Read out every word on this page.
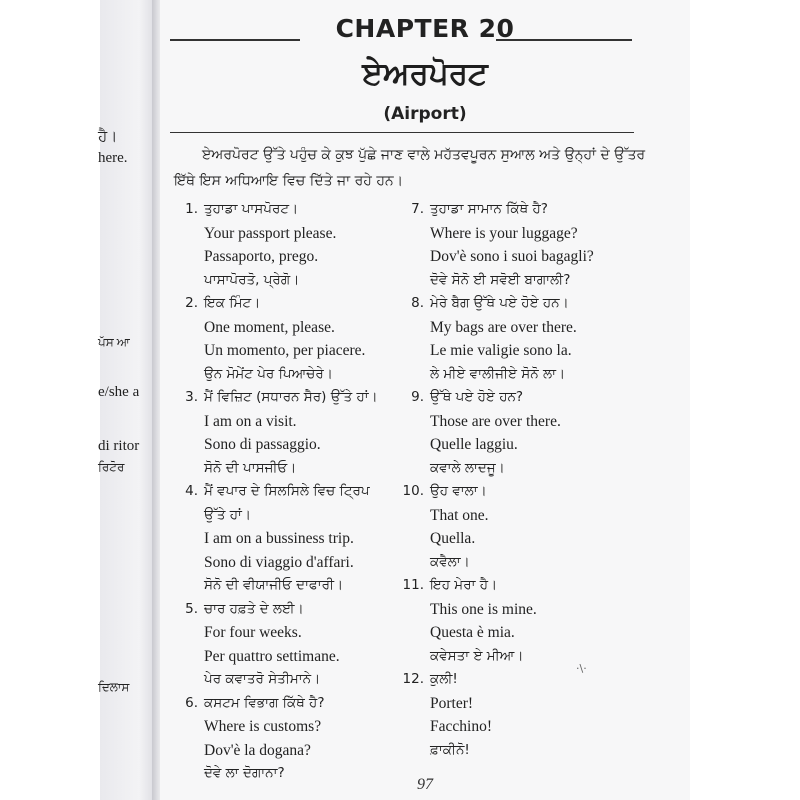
ਹੈ।
here.
ਪੱਸ ਆ
e/she a
di ritor
ਰਿਟੋਰ
ਦਿਲਾਸ
CHAPTER 20
ਏਅਰਪੋਰਟ
(Airport)
ਏਅਰਪੋਰਟ ਉੱਤੇ ਪਹੁੰਚ ਕੇ ਕੁਝ ਪੁੱਛੇ ਜਾਣ ਵਾਲੇ ਮਹੱਤਵਪੂਰਨ ਸੁਆਲ ਅਤੇ ਉਨ੍ਹਾਂ ਦੇ ਉੱਤਰ ਇੱਥੇ ਇਸ ਅਧਿਆਇ ਵਿਚ ਦਿੱਤੇ ਜਾ ਰਹੇ ਹਨ।
1. ਤੁਹਾਡਾ ਪਾਸਪੋਰਟ।
Your passport please.
Passaporto, prego.
ਪਾਸਾਪੋਰਤੋ, ਪ੍ਰੇਗੋ।
2. ਇਕ ਮਿੰਟ।
One moment, please.
Un momento, per piacere.
ਉਨ ਮੋਮੇਂਟ ਪੇਰ ਪਿਆਚੇਰੇ।
3. ਮੈਂ ਵਿਜ਼ਿਟ (ਸਧਾਰਨ ਸੈਰ) ਉੱਤੇ ਹਾਂ।
I am on a visit.
Sono di passaggio.
ਸੋਨੋ ਦੀ ਪਾਸਜੀਓ।
4. ਮੈਂ ਵਪਾਰ ਦੇ ਸਿਲਸਿਲੇ ਵਿਚ ਟ੍ਰਿਪ
ਉੱਤੇ ਹਾਂ।
I am on a bussiness trip.
Sono di viaggio d'affari.
ਸੋਨੋ ਦੀ ਵੀਯਾਜੀਓ ਦਾਫਾਰੀ।
5. ਚਾਰ ਹਫ਼ਤੇ ਦੇ ਲਈ।
For four weeks.
Per quattro settimane.
ਪੇਰ ਕਵਾਤਰੋ ਸੇਤੀਮਾਨੇ।
6. ਕਸਟਮ ਵਿਭਾਗ ਕਿੱਥੇ ਹੈ?
Where is customs?
Dov'è la dogana?
ਦੋਵੇ ਲਾ ਦੋਗਾਨਾ?
7. ਤੁਹਾਡਾ ਸਾਮਾਨ ਕਿੱਥੇ ਹੈ?
Where is your luggage?
Dov'è sono i suoi bagagli?
ਦੋਵੇ ਸੋਨੋ ਈ ਸਵੋਈ ਬਾਗਾਲੀ?
8. ਮੇਰੇ ਬੈਗ ਉੱਥੇ ਪਏ ਹੋਏ ਹਨ।
My bags are over there.
Le mie valigie sono la.
ਲੇ ਮੀਏ ਵਾਲੀਜੀਏ ਸੋਨੋ ਲਾ।
9. ਉੱਥੇ ਪਏ ਹੋਏ ਹਨ?
Those are over there.
Quelle laggiu.
ਕਵਾਲੇ ਲਾਦਜੂ।
10. ਉਹ ਵਾਲਾ।
That one.
Quella.
ਕਵੈਲਾ।
11. ਇਹ ਮੇਰਾ ਹੈ।
This one is mine.
Questa è mia.
ਕਵੇਸਤਾ ਏ ਮੀਆ।
12. ਕੁਲੀ!
Porter!
Facchino!
ਫ਼ਾਕੀਨੋ!
·\·
97
